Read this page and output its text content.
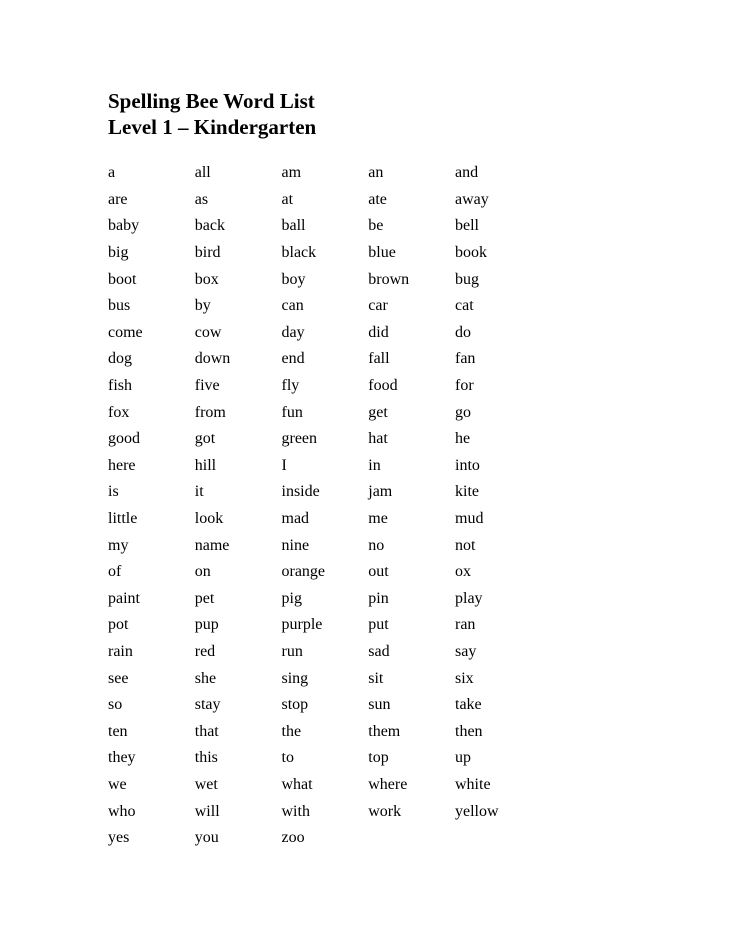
Spelling Bee Word List
Level 1 – Kindergarten
a	all	am	an	and
are	as	at	ate	away
baby	back	ball	be	bell
big	bird	black	blue	book
boot	box	boy	brown	bug
bus	by	can	car	cat
come	cow	day	did	do
dog	down	end	fall	fan
fish	five	fly	food	for
fox	from	fun	get	go
good	got	green	hat	he
here	hill	I	in	into
is	it	inside	jam	kite
little	look	mad	me	mud
my	name	nine	no	not
of	on	orange	out	ox
paint	pet	pig	pin	play
pot	pup	purple	put	ran
rain	red	run	sad	say
see	she	sing	sit	six
so	stay	stop	sun	take
ten	that	the	them	then
they	this	to	top	up
we	wet	what	where	white
who	will	with	work	yellow
yes	you	zoo
